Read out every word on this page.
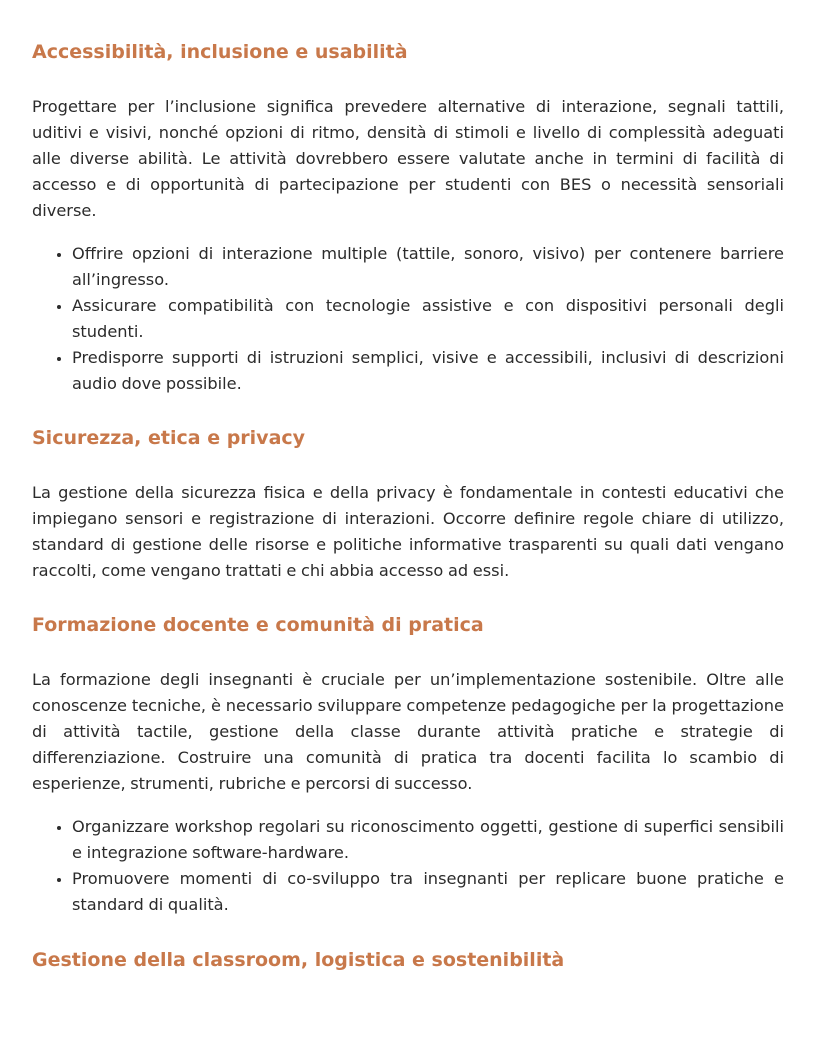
Accessibilità, inclusione e usabilità

Progettare per l’inclusione significa prevedere alternative di interazione, segnali tattili, uditivi e visivi, nonché opzioni di ritmo, densità di stimoli e livello di complessità adeguati alle diverse abilità. Le attività dovrebbero essere valutate anche in termini di facilità di accesso e di opportunità di partecipazione per studenti con BES o necessità sensoriali diverse.

• Offrire opzioni di interazione multiple (tattile, sonoro, visivo) per contenere barriere all’ingresso.
• Assicurare compatibilità con tecnologie assistive e con dispositivi personali degli studenti.
• Predisporre supporti di istruzioni semplici, visive e accessibili, inclusivi di descrizioni audio dove possibile.
Sicurezza, etica e privacy

La gestione della sicurezza fisica e della privacy è fondamentale in contesti educativi che impiegano sensori e registrazione di interazioni. Occorre definire regole chiare di utilizzo, standard di gestione delle risorse e politiche informative trasparenti su quali dati vengano raccolti, come vengano trattati e chi abbia accesso ad essi.

Formazione docente e comunità di pratica

La formazione degli insegnanti è cruciale per un’implementazione sostenibile. Oltre alle conoscenze tecniche, è necessario sviluppare competenze pedagogiche per la progettazione di attività tactile, gestione della classe durante attività pratiche e strategie di differenziazione. Costruire una comunità di pratica tra docenti facilita lo scambio di esperienze, strumenti, rubriche e percorsi di successo.

• Organizzare workshop regolari su riconoscimento oggetti, gestione di superfici sensibili e integrazione software-hardware.
• Promuovere momenti di co-sviluppo tra insegnanti per replicare buone pratiche e standard di qualità.
Gestione della classroom, logistica e sostenibilità
